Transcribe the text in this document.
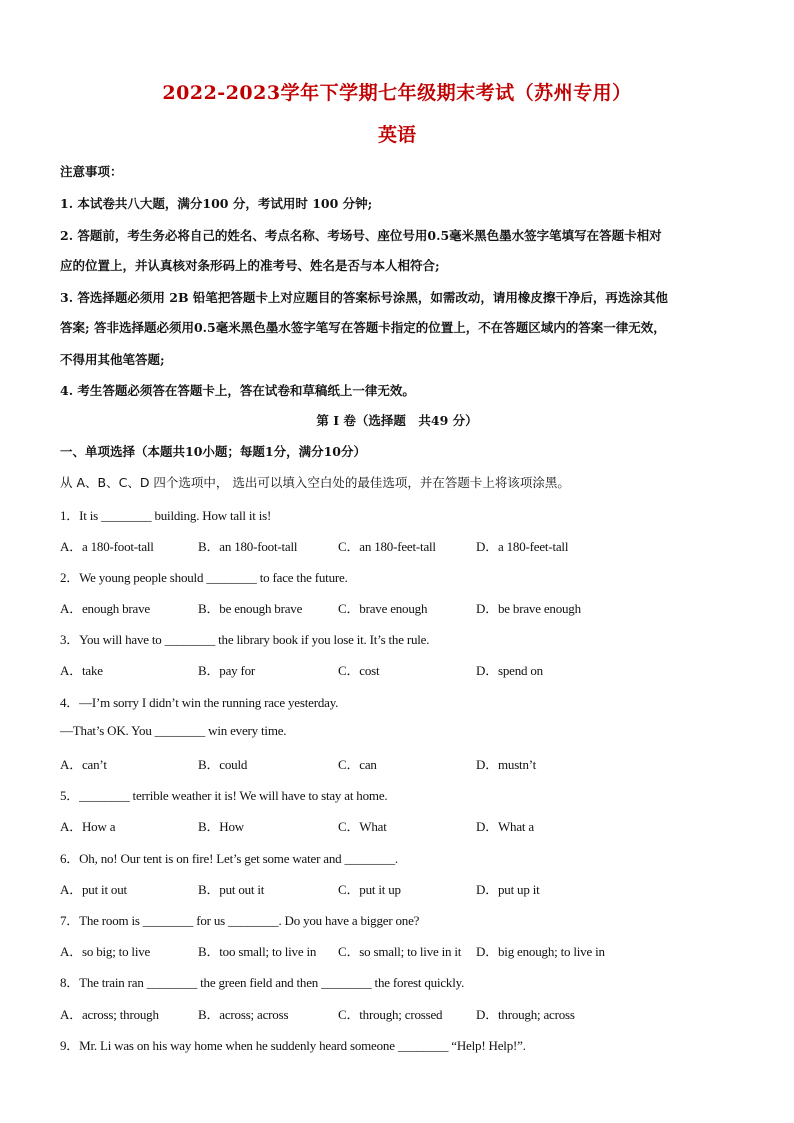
2022-2023学年下学期七年级期末考试（苏州专用）
英语
注意事项：
1. 本试卷共八大题，满分100 分，考试用时 100 分钟;
2. 答题前，考生务必将自己的姓名、考点名称、考场号、座位号用0.5毫米黑色墨水签字笔填写在答题卡相对
应的位置上，并认真核对条形码上的准考号、姓名是否与本人相符合;
3. 答选择题必须用 2B 铅笔把答题卡上对应题目的答案标号涂黑，如需改动，请用橡皮擦干净后，再选涂其他
答案; 答非选择题必须用0.5毫米黑色墨水签字笔写在答题卡指定的位置上，不在答题区域内的答案一律无效，
不得用其他笔答题;
4. 考生答题必须答在答题卡上，答在试卷和草稿纸上一律无效。
第 I 卷（选择题　共49 分）
一、单项选择（本题共10小题；每题1分，满分10分）
从 A、B、C、D 四个选项中， 选出可以填入空白处的最佳选项，并在答题卡上将该项涂黑。
1．It is ________ building. How tall it is!
A．a 180-foot-tall	B．an 180-foot-tall	C．an 180-feet-tall	D．a 180-feet-tall
2．We young people should ________ to face the future.
A．enough brave	B．be enough brave	C．brave enough	D．be brave enough
3．You will have to ________ the library book if you lose it. It’s the rule.
A．take	B．pay for	C．cost	D．spend on
4．—I’m sorry I didn’t win the running race yesterday.
—That’s OK. You ________ win every time.
A．can’t	B．could	C．can	D．mustn’t
5．________ terrible weather it is! We will have to stay at home.
A．How a	B．How	C．What	D．What a
6．Oh, no! Our tent is on fire! Let’s get some water and ________.
A．put it out	B．put out it	C．put it up	D．put up it
7．The room is ________ for us ________. Do you have a bigger one?
A．so big; to live	B．too small; to live in C．so small; to live in it D．big enough; to live in
8．The train ran ________ the green field and then ________ the forest quickly.
A．across; through	B．across; across	C．through; crossed	D．through; across
9．Mr. Li was on his way home when he suddenly heard someone ________ “Help! Help!”.
